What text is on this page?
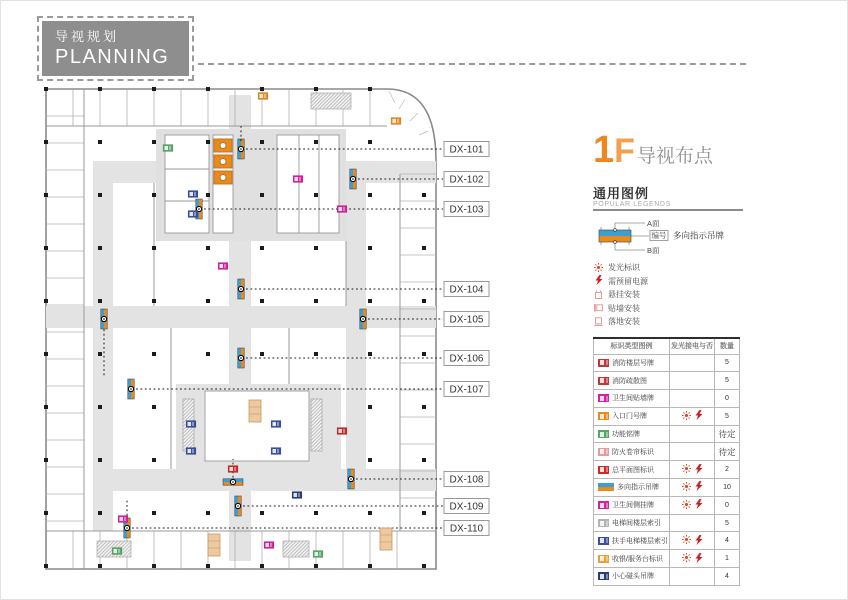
导视规划
PLANNING
DX-101
DX-102
DX-103
DX-104
DX-105
DX-106
DX-107
DX-108
DX-109
DX-110
1F 导视布点
通用图例
POPULAR LEGENDS
A面
编号 多向指示吊牌
B面
发光标识
需预留电源
悬挂安装
贴墙安装
落地安装
标识类型图例	发光接电与否	数量

消防楼层号牌		5

消防疏散图		5

卫生间贴墙牌		0

入口门号牌		5

功能铭牌		待定

防火卷帘标识		待定

总平面图标识		2

多向指示吊牌		10

卫生间侧挂牌		0

电梯间楼层索引		5

扶手电梯楼层索引		4

收银/服务台标识		1

小心碰头吊牌		4
